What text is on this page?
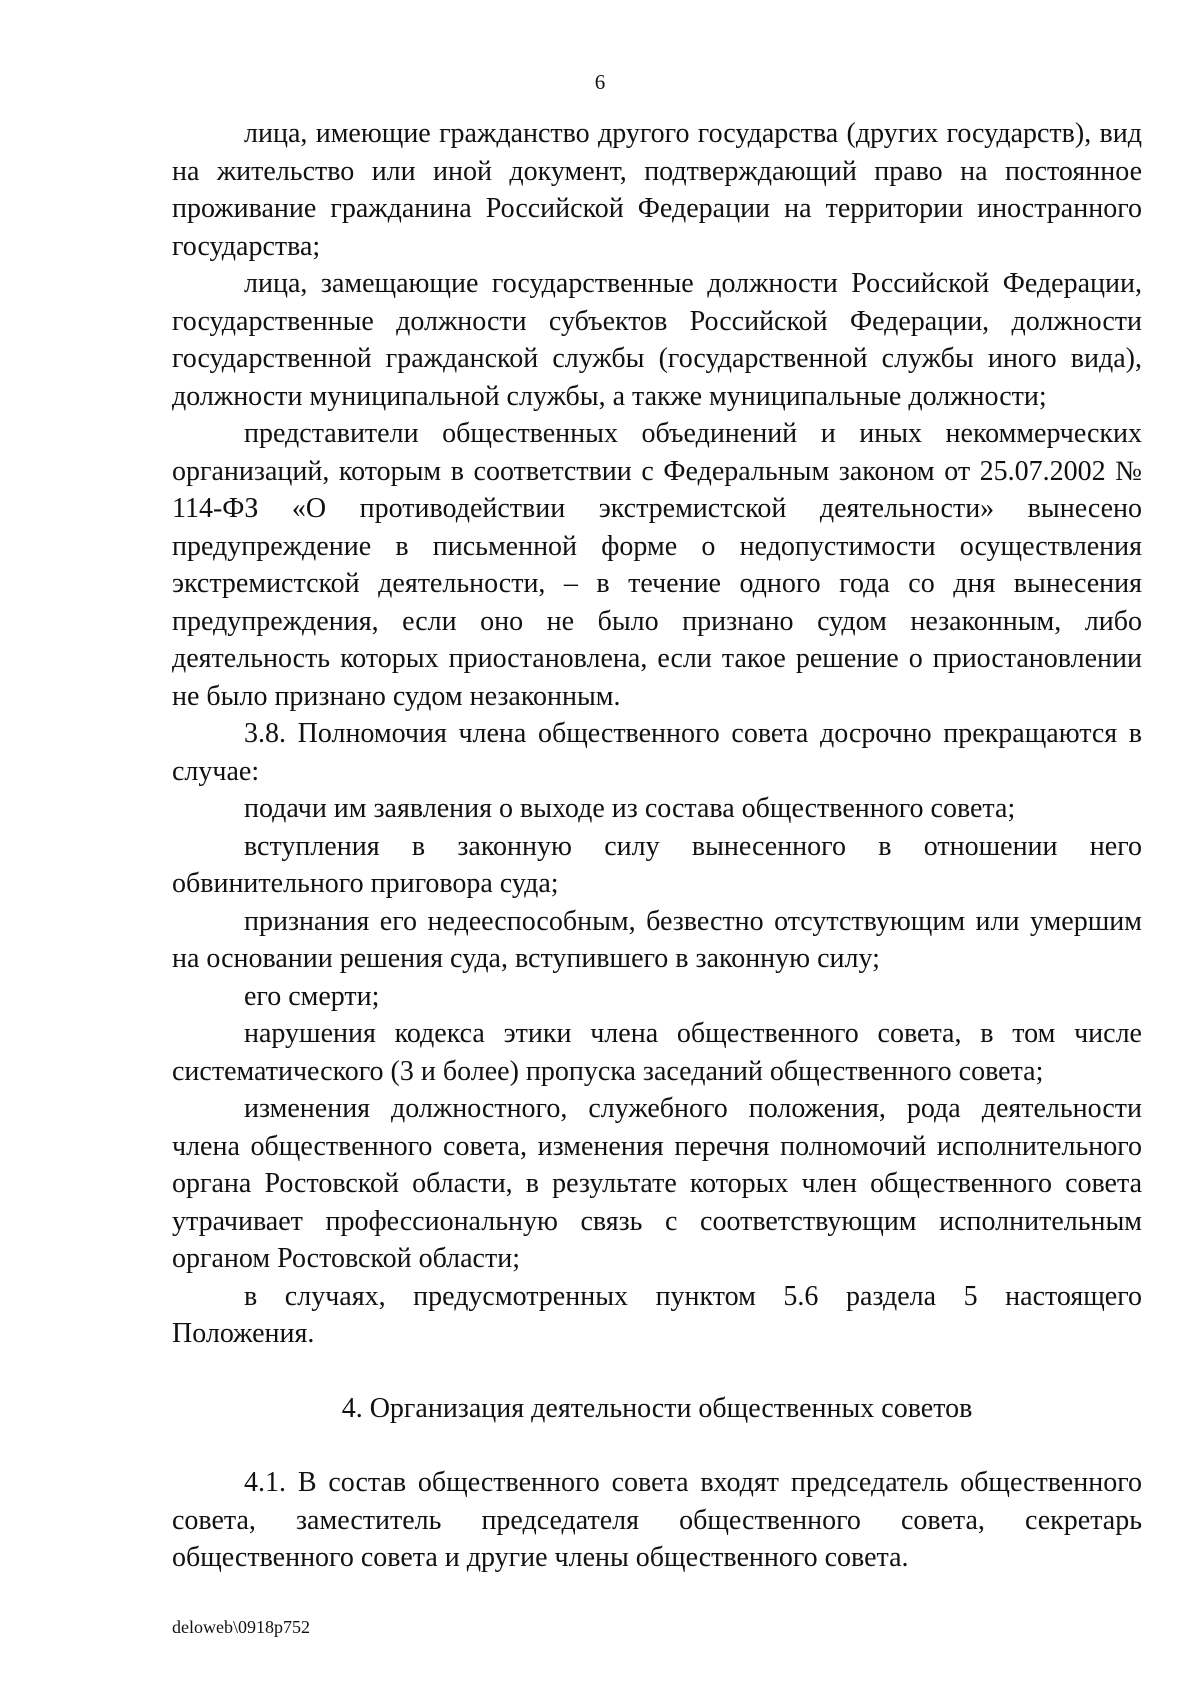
6

лица, имеющие гражданство другого государства (других государств), вид на жительство или иной документ, подтверждающий право на постоянное проживание гражданина Российской Федерации на территории иностранного государства;

лица, замещающие государственные должности Российской Федерации, государственные должности субъектов Российской Федерации, должности государственной гражданской службы (государственной службы иного вида), должности муниципальной службы, а также муниципальные должности;

представители общественных объединений и иных некоммерческих организаций, которым в соответствии с Федеральным законом от 25.07.2002 № 114-ФЗ «О противодействии экстремистской деятельности» вынесено предупреждение в письменной форме о недопустимости осуществления экстремистской деятельности, – в течение одного года со дня вынесения предупреждения, если оно не было признано судом незаконным, либо деятельность которых приостановлена, если такое решение о приостановлении не было признано судом незаконным.

3.8. Полномочия члена общественного совета досрочно прекращаются в случае:

подачи им заявления о выходе из состава общественного совета;

вступления в законную силу вынесенного в отношении него обвинительного приговора суда;

признания его недееспособным, безвестно отсутствующим или умершим на основании решения суда, вступившего в законную силу;

его смерти;

нарушения кодекса этики члена общественного совета, в том числе систематического (3 и более) пропуска заседаний общественного совета;

изменения должностного, служебного положения, рода деятельности члена общественного совета, изменения перечня полномочий исполнительного органа Ростовской области, в результате которых член общественного совета утрачивает профессиональную связь с соответствующим исполнительным органом Ростовской области;

в случаях, предусмотренных пунктом 5.6 раздела 5 настоящего Положения.

4. Организация деятельности общественных советов

4.1. В состав общественного совета входят председатель общественного совета, заместитель председателя общественного совета, секретарь общественного совета и другие члены общественного совета.

deloweb\0918p752
